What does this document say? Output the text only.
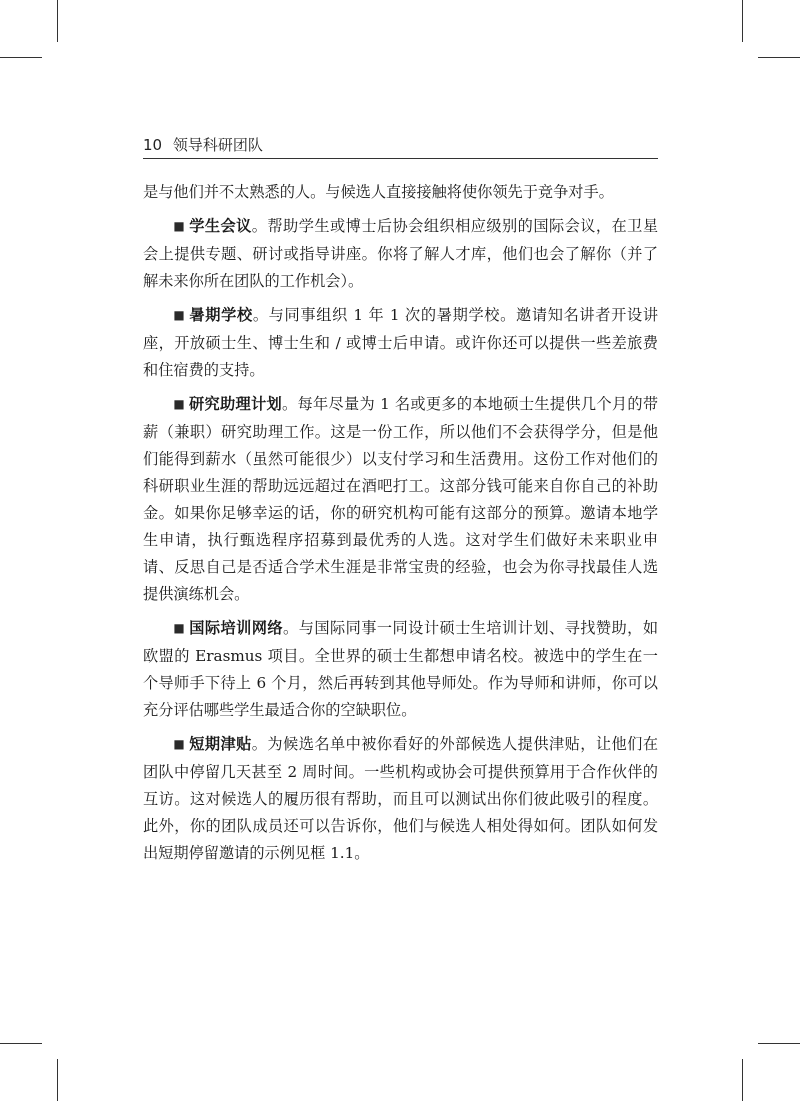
10 领导科研团队

是与他们并不太熟悉的人。与候选人直接接触将使你领先于竞争对手。

■ 学生会议。帮助学生或博士后协会组织相应级别的国际会议，在卫星会上提供专题、研讨或指导讲座。你将了解人才库，他们也会了解你（并了解未来你所在团队的工作机会）。

■ 暑期学校。与同事组织 1 年 1 次的暑期学校。邀请知名讲者开设讲座，开放硕士生、博士生和 / 或博士后申请。或许你还可以提供一些差旅费和住宿费的支持。

■ 研究助理计划。每年尽量为 1 名或更多的本地硕士生提供几个月的带薪（兼职）研究助理工作。这是一份工作，所以他们不会获得学分，但是他们能得到薪水（虽然可能很少）以支付学习和生活费用。这份工作对他们的科研职业生涯的帮助远远超过在酒吧打工。这部分钱可能来自你自己的补助金。如果你足够幸运的话，你的研究机构可能有这部分的预算。邀请本地学生申请，执行甄选程序招募到最优秀的人选。这对学生们做好未来职业申请、反思自己是否适合学术生涯是非常宝贵的经验，也会为你寻找最佳人选提供演练机会。

■ 国际培训网络。与国际同事一同设计硕士生培训计划、寻找赞助，如欧盟的 Erasmus 项目。全世界的硕士生都想申请名校。被选中的学生在一个导师手下待上 6 个月，然后再转到其他导师处。作为导师和讲师，你可以充分评估哪些学生最适合你的空缺职位。

■ 短期津贴。为候选名单中被你看好的外部候选人提供津贴，让他们在团队中停留几天甚至 2 周时间。一些机构或协会可提供预算用于合作伙伴的互访。这对候选人的履历很有帮助，而且可以测试出你们彼此吸引的程度。此外，你的团队成员还可以告诉你，他们与候选人相处得如何。团队如何发出短期停留邀请的示例见框 1.1。
